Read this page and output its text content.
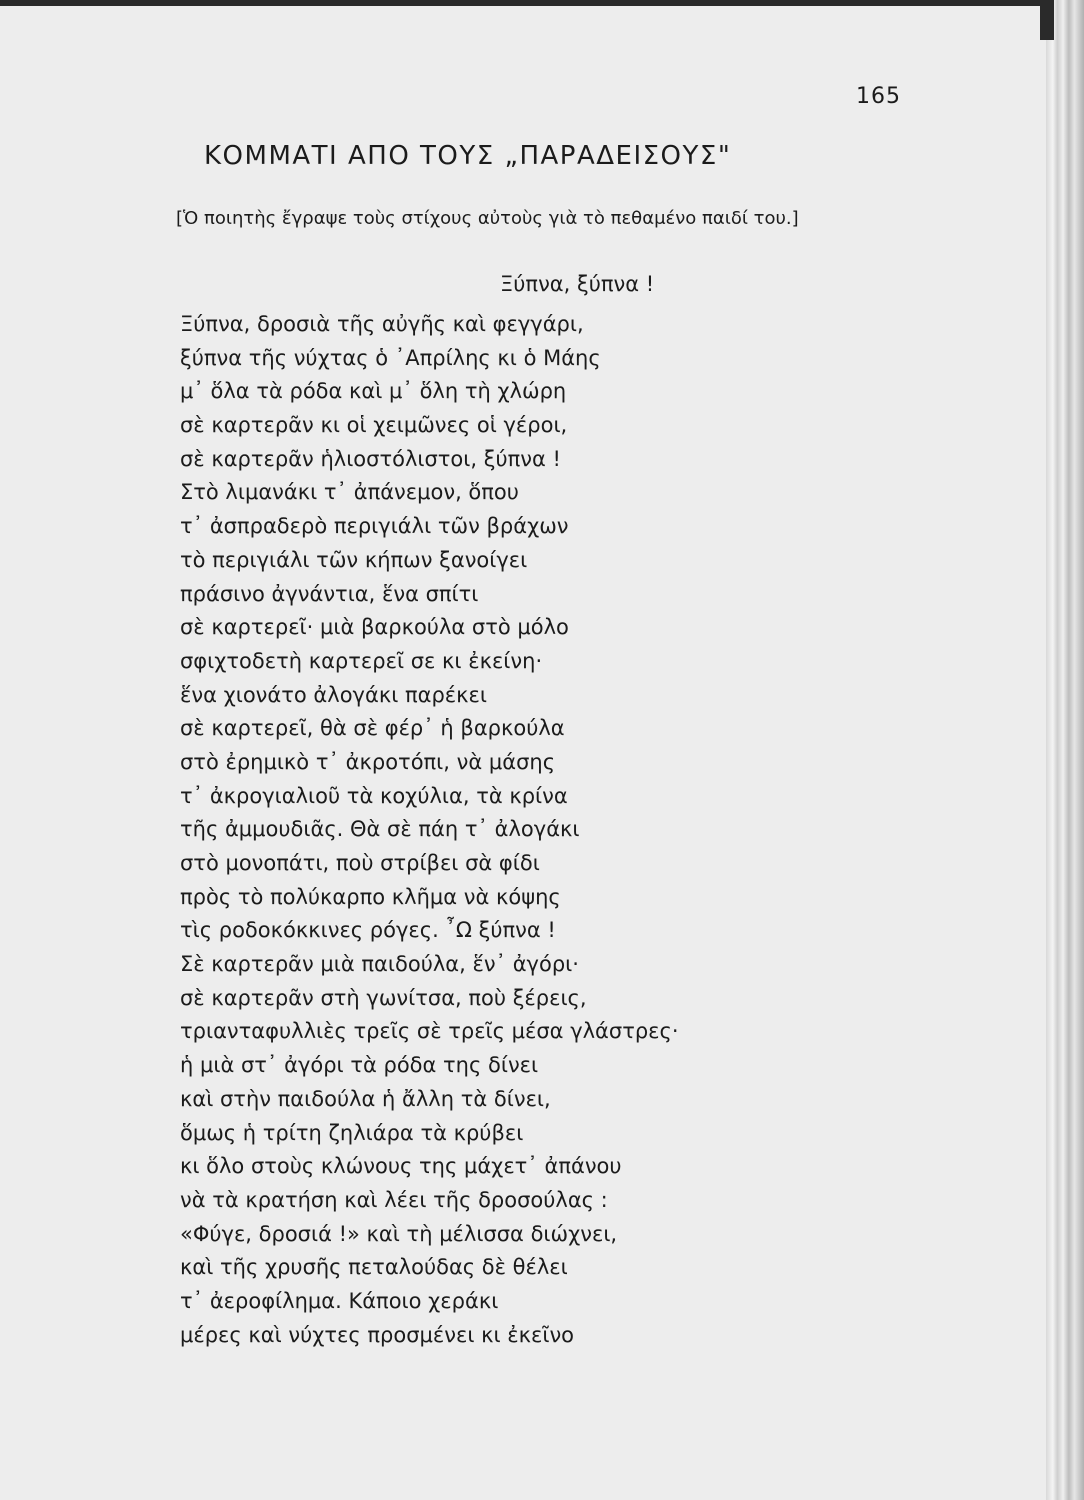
165
ΚΟΜΜΑΤΙ ΑΠΟ ΤΟΥΣ „ΠΑΡΑΔΕΙΣΟΥΣ"
[Ὁ ποιητὴς ἔγραψε τοὺς στίχους αὐτοὺς γιὰ τὸ πεθαμένο παιδί του.]
Ξύπνα, ξύπνα !
Ξύπνα, δροσιὰ τῆς αὐγῆς καὶ φεγγάρι,
ξύπνα τῆς νύχτας ὁ ᾿Απρίλης κι ὁ Μάης
μ᾿ ὅλα τὰ ρόδα καὶ μ᾿ ὅλη τὴ χλώρη
σὲ καρτερᾶν κι οἱ χειμῶνες οἱ γέροι,
σὲ καρτερᾶν ἡλιοστόλιστοι, ξύπνα !
Στὸ λιμανάκι τ᾿ ἀπάνεμον, ὅπου
τ᾿ ἀσπραδερὸ περιγιάλι τῶν βράχων
τὸ περιγιάλι τῶν κήπων ξανοίγει
πράσινο ἀγνάντια, ἕνα σπίτι
σὲ καρτερεῖ· μιὰ βαρκούλα στὸ μόλο
σφιχτοδετὴ καρτερεῖ σε κι ἐκείνη·
ἕνα χιονάτο ἀλογάκι παρέκει
σὲ καρτερεῖ, θὰ σὲ φέρ᾿ ἡ βαρκούλα
στὸ ἐρημικὸ τ᾿ ἀκροτόπι, νὰ μάσης
τ᾿ ἀκρογιαλιοῦ τὰ κοχύλια, τὰ κρίνα
τῆς ἀμμουδιᾶς. Θὰ σὲ πάη τ᾿ ἀλογάκι
στὸ μονοπάτι, ποὺ στρίβει σὰ φίδι
πρὸς τὸ πολύκαρπο κλῆμα νὰ κόψης
τὶς ροδοκόκκινες ρόγες. ῏Ω ξύπνα !
Σὲ καρτερᾶν μιὰ παιδούλα, ἕν᾿ ἀγόρι·
σὲ καρτερᾶν στὴ γωνίτσα, ποὺ ξέρεις,
τριανταφυλλιὲς τρεῖς σὲ τρεῖς μέσα γλάστρες·
ἡ μιὰ στ᾿ ἀγόρι τὰ ρόδα της δίνει
καὶ στὴν παιδούλα ἡ ἄλλη τὰ δίνει,
ὅμως ἡ τρίτη ζηλιάρα τὰ κρύβει
κι ὅλο στοὺς κλώνους της μάχετ᾿ ἀπάνου
νὰ τὰ κρατήση καὶ λέει τῆς δροσούλας :
«Φύγε, δροσιά !» καὶ τὴ μέλισσα διώχνει,
καὶ τῆς χρυσῆς πεταλούδας δὲ θέλει
τ᾿ ἀεροφίλημα. Κάποιο χεράκι
μέρες καὶ νύχτες προσμένει κι ἐκεῖνο
